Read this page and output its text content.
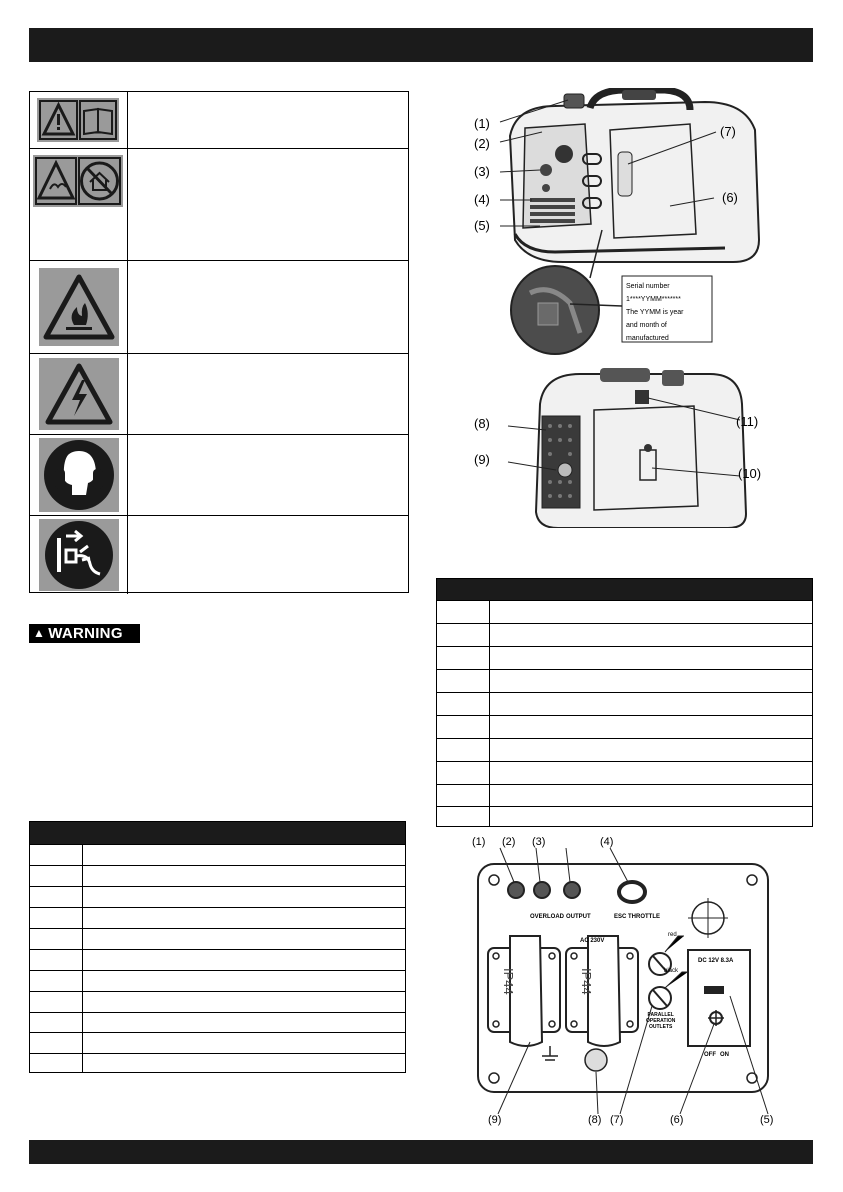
▲ WARNING
(1)
(2)
(3)
(4)
(5)
(6)
(7)
Serial number
1****YYMM*******
The YYMM is year
and month of
manufactured
(8)
(9)
(10)
(11)
(1) (2) (3)	(4)
(9)	(8) (7)	(6)	(5)
OVERLOAD OUTPUT	ESC THROTTLE
AC 230V
DC 12V 8.3A
IP44	IP44
red
black
PARALLEL
OPERATION
OUTLETS
OFF ON
